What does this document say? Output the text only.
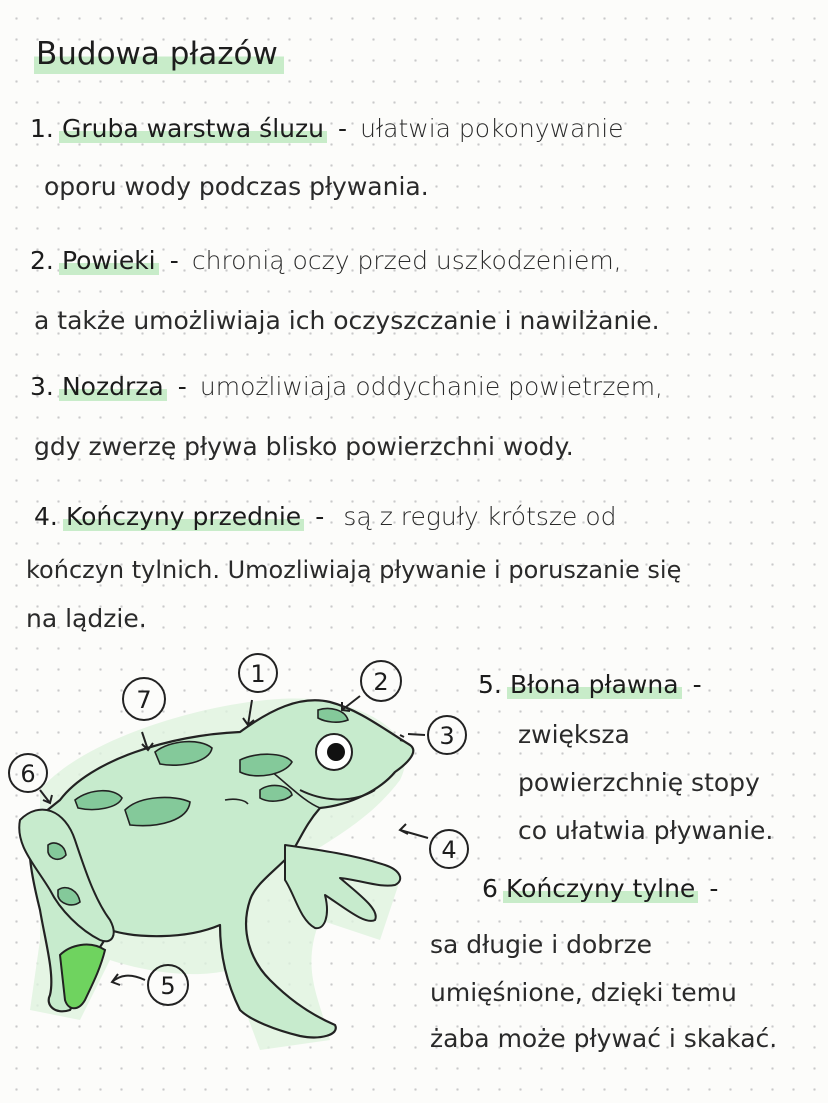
Budowa płazów
1. Gruba warstwa śluzu - ułatwia pokonywanie
oporu wody podczas pływania.
2. Powieki - chronią oczy przed uszkodzeniem,
a także umożliwiaja ich oczyszczanie i nawilżanie.
3. Nozdrza - umożliwiaja oddychanie powietrzem,
gdy zwerzę pływa blisko powierzchni wody.
4. Kończyny przednie - są z reguły krótsze od
kończyn tylnich. Umozliwiają pływanie i poruszanie się
na lądzie.
5. Błona pławna -
zwiększa
powierzchnię stopy
co ułatwia pływanie.
6 Kończyny tylne -
sa długie i dobrze
umięśnione, dzięki temu
żaba może pływać i skakać.
1	2
3
4
5
6
7
